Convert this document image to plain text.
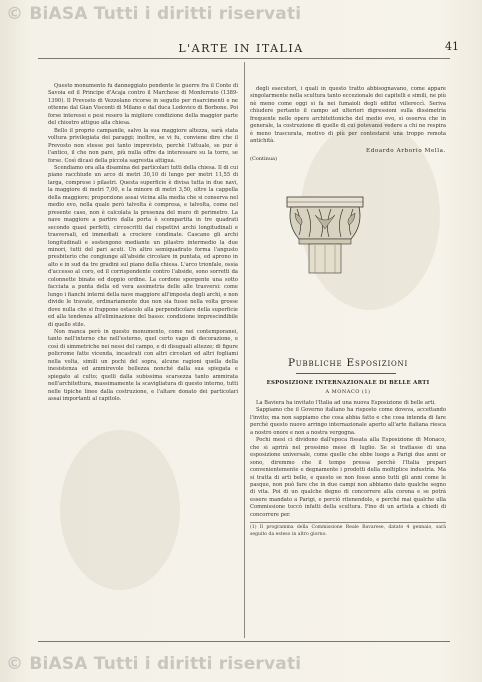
© BiASA Tutti i diritti riservati
L'ARTE IN ITALIA	41

Questo monumento fu danneggiato pendente le guerre fra il Conte di Savoia ed il Principe d'Acaja contro il Marchese di Monferrato (1389-1390). Il Prevosto di Vezzolano ricorse in seguito per risarcimenti e ne ottenne dal Gian Visconti di Milano e dal duca Lodovico di Borbone. Poi forse interessi e pesi resero la migliore condizione della maggior parte del chiostro attiguo alla chiesa.

Bello il proprio campanile, salvo la sua maggiore altezza, sarà stata voltura privilegiata dei paraggi; inoltre, se vi fu, conviene dire che il Prevosto non stesse poi tanto imprevisto, perchè l'attuale, se pur è l'antico, il che non pare, più nulla offre da interessare su la torre, se forse. Così dicasi della piccola sagrestia attigua.

Scendiamo ora alla disamina dei particolari tutti della chiesa. Il di cui piano racchiude un arco di metri 30,10 di lungo per metri 11,55 di larga, comprese i pilastri. Questa superficie è divisa tutta in due navi, la maggiore di metri 7,00, e la minore di metri 3,50, oltre la cappella della maggiore; proporzione assai vicina alla media che si conserva nel medio evo, nella quale però talvolta è compresa, e talvolta, come nel presente caso, non è calcolata la presenza del muro di perimetro. La nave maggiore a partire dalla porta è scompartita in tre quadrati secondo quasi perfetti, circoscritti dai rispettivi archi longitudinali e trasversali, ed immediati a crociere condinate. Cascano gli archi longitudinali e sostengono mediante un pilastro intermedio la due minori, tutti del pari acuti. Un altro semiquadrato forma l'angusto presbiterio che congiunge all'abside circolare in puntata, ed aprono in alto e in sud da tre gradini sul piano della chiesa. L'arco trionfale, ossia d'accesso al coro, ed il corrispondente contro l'abside, sono sorretti da colonnette binate ed doppio ordine. La cordone sporgente una sotto facciata a punta della ed vera assimetria delle alle trasversi: come lungo i fianchi interni della nave maggiore all'imposta degli archi, e non divide le travate, ordinariamente due non sia fusse nella volta grosse dove nulla che si frappone ostacolo alla perpendicolare della superficie ed alla tendenza all'eliminazione del basso: condizione imprescindibile di quello stile.

Non manca però in questo monumento, come nei contemporanei, tanto nell'interno che nell'esterno, quel certo vago di decorazione, e così di simmetriche nei nessi del campo, e di disuguali altezze; di figure policrome fatte vicenda, incastrati con altri circolari ed altri fogliami nella volta, simili un pochi del sopra, alcune ragioni quella della inesistenza ed ammirevole bellezza nonché dalla sua spiegata e spiegato al culto; quelli dalla subissima scarsezza tanto ammirata nell'architettura, massimamente la scavigliatura di questo interno, tutti nelle tipiche linee dalla costruzione, e l'altare donato dei particolari assai importanti al capitolo.

degli esecutori, i quali in questo tratto abbisognavano, come appare singolarmente nella scultura tanto eccezionale dei capitelli e simili, ne più nè meno come oggi si fa nei fumaioli degli edifizi villereccì. Seriva chiudere pertanto il campo ad ulteriori digressioni sulla dissimetria frequente nelle opere architettoniche del medio evo, si osserva che in generale, la costruzione di quelle di cui potevansi vedere a chi ne respira è meno trascurata, motivo di più per contestarsi una troppo remota antichità.

Edoardo Arborio Mella.

(Continua)

Pubbliche Esposizioni
ESPOSIZIONE INTERNAZIONALE DI BELLE ARTI
A MONACO (1)

La Baviera ha invitato l'Italia ad una nuova Esposizione di belle arti.

Sappiamo che il Governo italiano ha risposto come doveva, accettando l'invito; ma non sappiamo che cosa abbia fatto e che cosa intenda di fare perchè questo nuovo arringo internazionale aperto all'arte italiana riesca a nostro onore e non a nostra vergogna.

Pochi mesi ci dividono dall'epoca fissata alla Esposizione di Monaco, che si aprirà nel prossimo mese di luglio. Se si trattasse di una esposizione universale, come quelle che ebbe luogo a Parigi due anni or sono, diremmo che il tempo pressa perchè l'Italia prepari convenientemente e degnamente i prodotti della moltiplice industria. Ma si tratta di arti belle, e questo se non fosse anno tutti gli anni come le pasque, non può fare che in due campi non abbiamo dato qualche segno di vita. Poi di un qualche degno di concorrere alla corona e se potrà essere mandato a Parigi, e perciò ritenendolo, e perché mai qualche ulla Commissione toccò infatti della scultura. Fino di un artista a chiedi di concorrere per.

(1) Il programma della Commissione Reale Bavarese, datato 4 gennaio, sarà seguito da esteso in altro giorno.

© BiASA Tutti i diritti riservati
